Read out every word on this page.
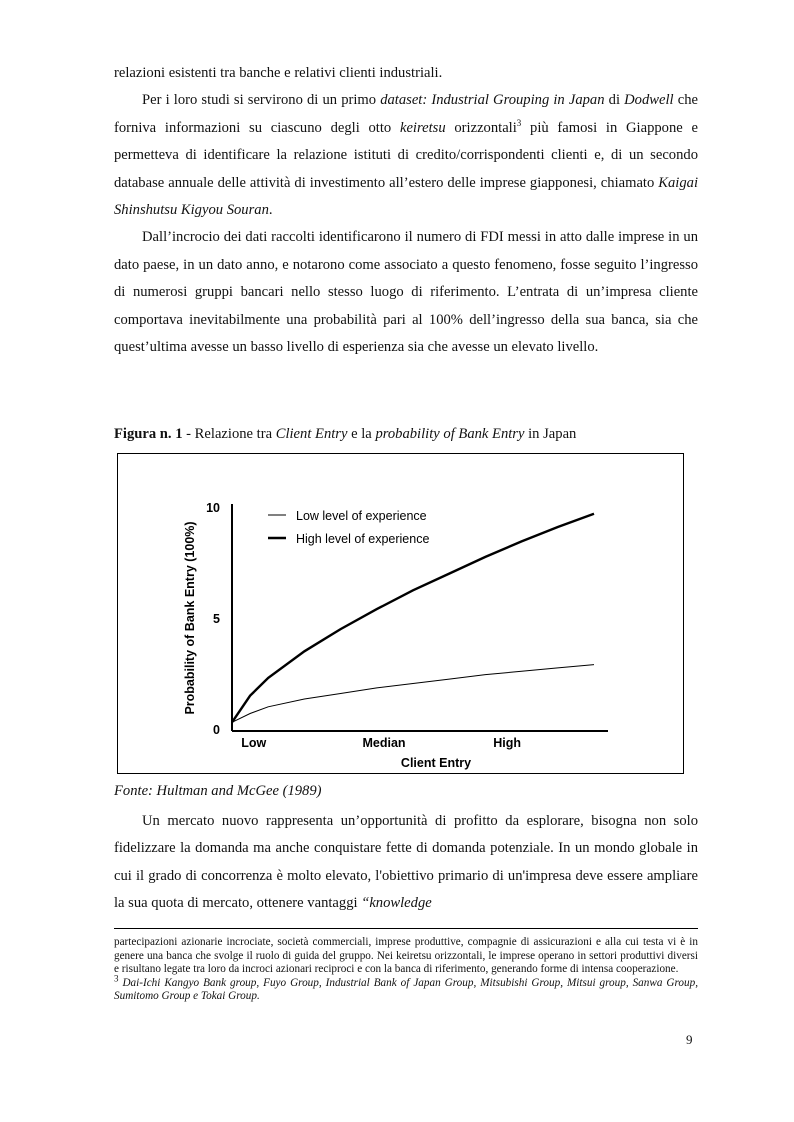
relazioni esistenti tra banche e relativi clienti industriali.

Per i loro studi si servirono di un primo dataset: Industrial Grouping in Japan di Dodwell che forniva informazioni su ciascuno degli otto keiretsu orizzontali$^3$ più famosi in Giappone e permetteva di identificare la relazione istituti di credito/corrispondenti clienti e, di un secondo database annuale delle attività di investimento all’estero delle imprese giapponesi, chiamato Kaigai Shinshutsu Kigyou Souran.

Dall’incrocio dei dati raccolti identificarono il numero di FDI messi in atto dalle imprese in un dato paese, in un dato anno, e notarono come associato a questo fenomeno, fosse seguito l’ingresso di numerosi gruppi bancari nello stesso luogo di riferimento. L’entrata di un’impresa cliente comportava inevitabilmente una probabilità pari al 100% dell’ingresso della sua banca, sia che quest’ultima avesse un basso livello di esperienza sia che avesse un elevato livello.

Figura n. 1 - Relazione tra Client Entry e la probability of Bank Entry in Japan
Probability of Bank Entry (100%)
Client Entry
0
5
10
Low	Median	High
Low level of experience
High level of experience
Fonte: Hultman and McGee (1989)

Un mercato nuovo rappresenta un’opportunità di profitto da esplorare, bisogna non solo fidelizzare la domanda ma anche conquistare fette di domanda potenziale. In un mondo globale in cui il grado di concorrenza è molto elevato, l'obiettivo primario di un'impresa deve essere ampliare la sua quota di mercato, ottenere vantaggi “knowledge

partecipazioni azionarie incrociate, società commerciali, imprese produttive, compagnie di assicurazioni e alla cui testa vi è in genere una banca che svolge il ruolo di guida del gruppo. Nei keiretsu orizzontali, le imprese operano in settori produttivi diversi e risultano legate tra loro da incroci azionari reciproci e con la banca di riferimento, generando forme di intensa cooperazione.

$^3$ Dai-Ichi Kangyo Bank group, Fuyo Group, Industrial Bank of Japan Group, Mitsubishi Group, Mitsui group, Sanwa Group, Sumitomo Group e Tokai Group.

9
